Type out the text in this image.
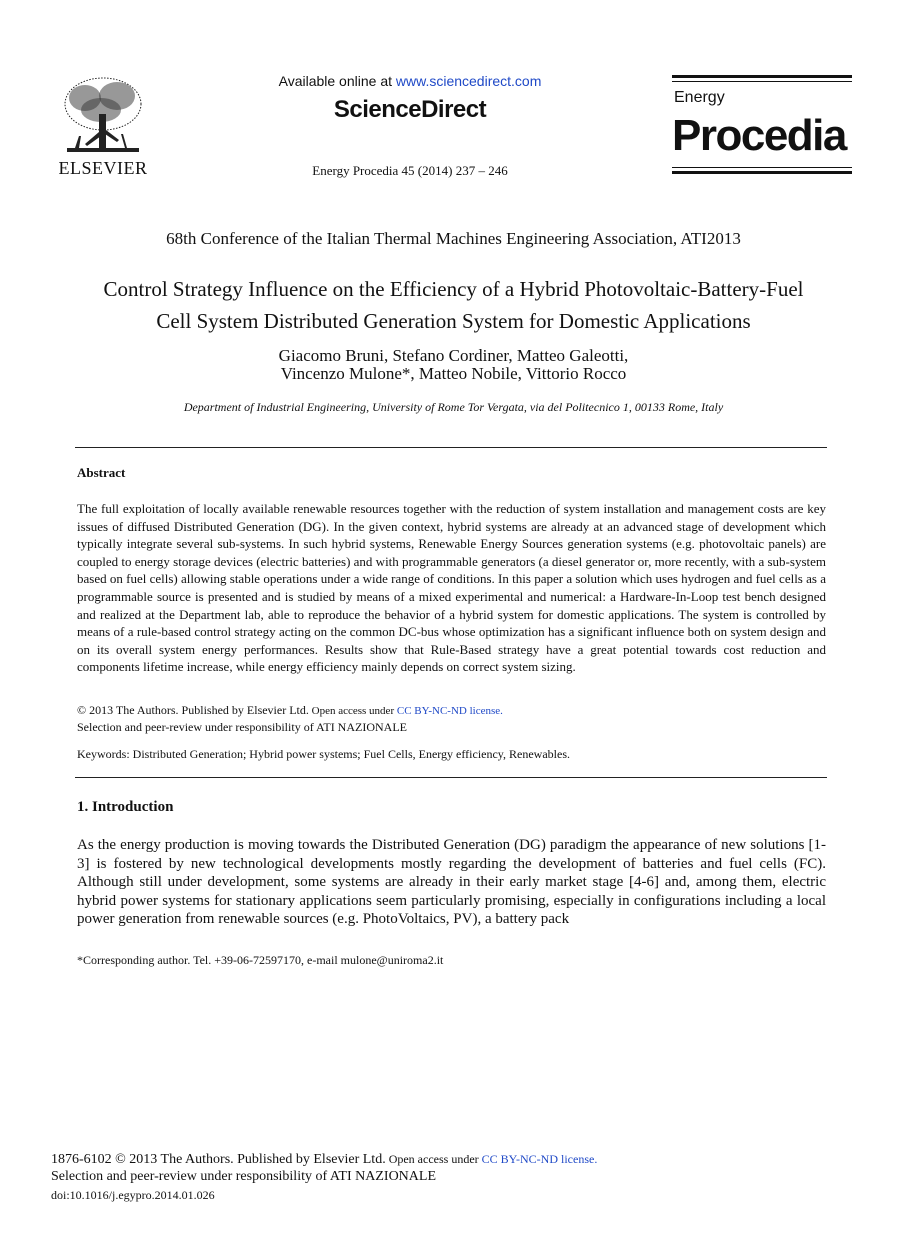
ELSEVIER
Available online at www.sciencedirect.com
ScienceDirect
Energy Procedia 45 (2014) 237 – 246
Energy
Procedia
68th Conference of the Italian Thermal Machines Engineering Association, ATI2013
Control Strategy Influence on the Efficiency of a Hybrid Photovoltaic-Battery-Fuel
Cell System Distributed Generation System for Domestic Applications
Giacomo Bruni, Stefano Cordiner, Matteo Galeotti,
Vincenzo Mulone*, Matteo Nobile, Vittorio Rocco
Department of Industrial Engineering, University of Rome Tor Vergata, via del Politecnico 1, 00133 Rome, Italy
Abstract
The full exploitation of locally available renewable resources together with the reduction of system installation and management costs are key issues of diffused Distributed Generation (DG). In the given context, hybrid systems are already at an advanced stage of development which typically integrate several sub-systems. In such hybrid systems, Renewable Energy Sources generation systems (e.g. photovoltaic panels) are coupled to energy storage devices (electric batteries) and with programmable generators (a diesel generator or, more recently, with a sub-system based on fuel cells) allowing stable operations under a wide range of conditions. In this paper a solution which uses hydrogen and fuel cells as a programmable source is presented and is studied by means of a mixed experimental and numerical: a Hardware-In-Loop test bench designed and realized at the Department lab, able to reproduce the behavior of a hybrid system for domestic applications. The system is controlled by means of a rule-based control strategy acting on the common DC-bus whose optimization has a significant influence both on system design and on its overall system energy performances. Results show that Rule-Based strategy have a great potential towards cost reduction and components lifetime increase, while energy efficiency mainly depends on correct system sizing.
© 2013 The Authors. Published by Elsevier Ltd. Open access under CC BY-NC-ND license.
Selection and peer-review under responsibility of ATI NAZIONALE
Keywords: Distributed Generation; Hybrid power systems; Fuel Cells, Energy efficiency, Renewables.
1. Introduction
As the energy production is moving towards the Distributed Generation (DG) paradigm the appearance of new solutions [1-3] is fostered by new technological developments mostly regarding the development of batteries and fuel cells (FC). Although still under development, some systems are already in their early market stage [4-6] and, among them, electric hybrid power systems for stationary applications seem particularly promising, especially in configurations including a local power generation from renewable sources (e.g. PhotoVoltaics, PV), a battery pack
*Corresponding author. Tel. +39-06-72597170, e-mail mulone@uniroma2.it
1876-6102 © 2013 The Authors. Published by Elsevier Ltd. Open access under CC BY-NC-ND license.
Selection and peer-review under responsibility of ATI NAZIONALE
doi:10.1016/j.egypro.2014.01.026
